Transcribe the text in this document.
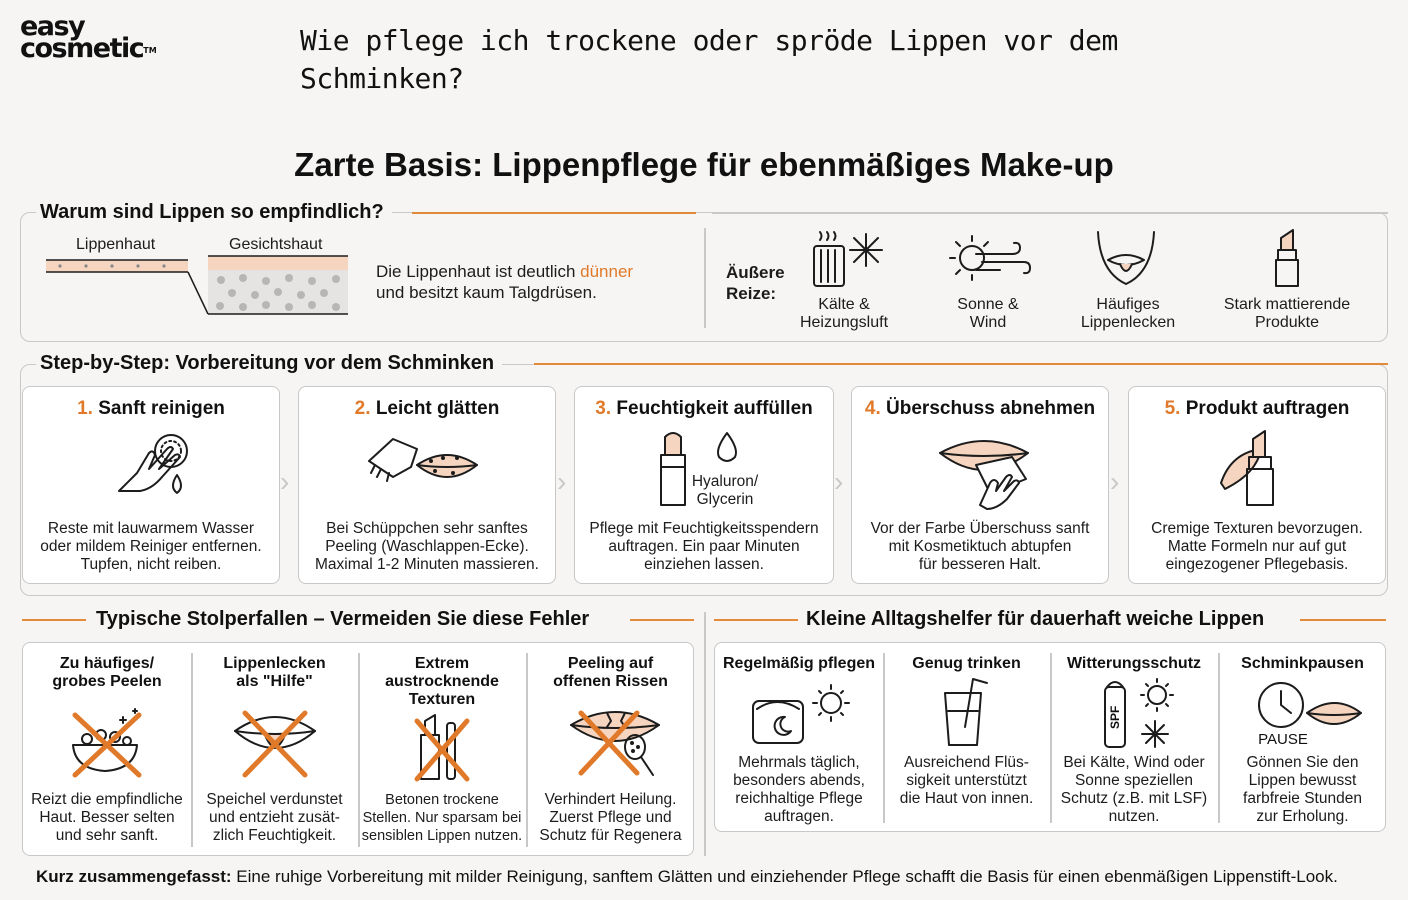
easy
cosmetic™	Wie pflege ich trockene oder spröde Lippen vor dem Schminken?
Zarte Basis: Lippenpflege für ebenmäßiges Make-up
Warum sind Lippen so empfindlich?
Lippenhaut	Gesichtshaut
Die Lippenhaut ist deutlich dünner
und besitzt kaum Talgdrüsen.
Äußere
Reize:
Kälte &
Heizungsluft
Sonne &
Wind
Häufiges
Lippenlecken
Stark mattierende
Produkte
Step-by-Step: Vorbereitung vor dem Schminken
1. Sanft reinigen
Reste mit lauwarmem Wasser
oder mildem Reiniger entfernen.
Tupfen, nicht reiben.
›
2. Leicht glätten
Bei Schüppchen sehr sanftes
Peeling (Waschlappen-Ecke).
Maximal 1-2 Minuten massieren.
›
3. Feuchtigkeit auffüllen
Hyaluron/
Glycerin
Pflege mit Feuchtigkeitsspendern
auftragen. Ein paar Minuten
einziehen lassen.
›
4. Überschuss abnehmen
Vor der Farbe Überschuss sanft
mit Kosmetiktuch abtupfen
für besseren Halt.
›
5. Produkt auftragen
Cremige Texturen bevorzugen.
Matte Formeln nur auf gut
eingezogener Pflegebasis.
Typische Stolperfallen – Vermeiden Sie diese Fehler
Zu häufiges/
grobes Peelen
Reizt die empfindliche
Haut. Besser selten
und sehr sanft.
Lippenlecken
als "Hilfe"
Speichel verdunstet
und entzieht zusät-
zlich Feuchtigkeit.
Extrem
austrocknende
Texturen
Betonen trockene
Stellen. Nur sparsam bei
sensiblen Lippen nutzen.
Peeling auf
offenen Rissen
Verhindert Heilung.
Zuerst Pflege und
Schutz für Regenera
Kleine Alltagshelfer für dauerhaft weiche Lippen
Regelmäßig pflegen
Mehrmals täglich,
besonders abends,
reichhaltige Pflege
auftragen.
Genug trinken
Ausreichend Flüs-
sigkeit unterstützt
die Haut von innen.
Witterungsschutz
SPF
Bei Kälte, Wind oder
Sonne speziellen
Schutz (z.B. mit LSF)
nutzen.
Schminkpausen
PAUSE
Gönnen Sie den
Lippen bewusst
farbfreie Stunden
zur Erholung.
Kurz zusammengefasst: Eine ruhige Vorbereitung mit milder Reinigung, sanftem Glätten und einziehender Pflege schafft die Basis für einen ebenmäßigen Lippenstift-Look.
